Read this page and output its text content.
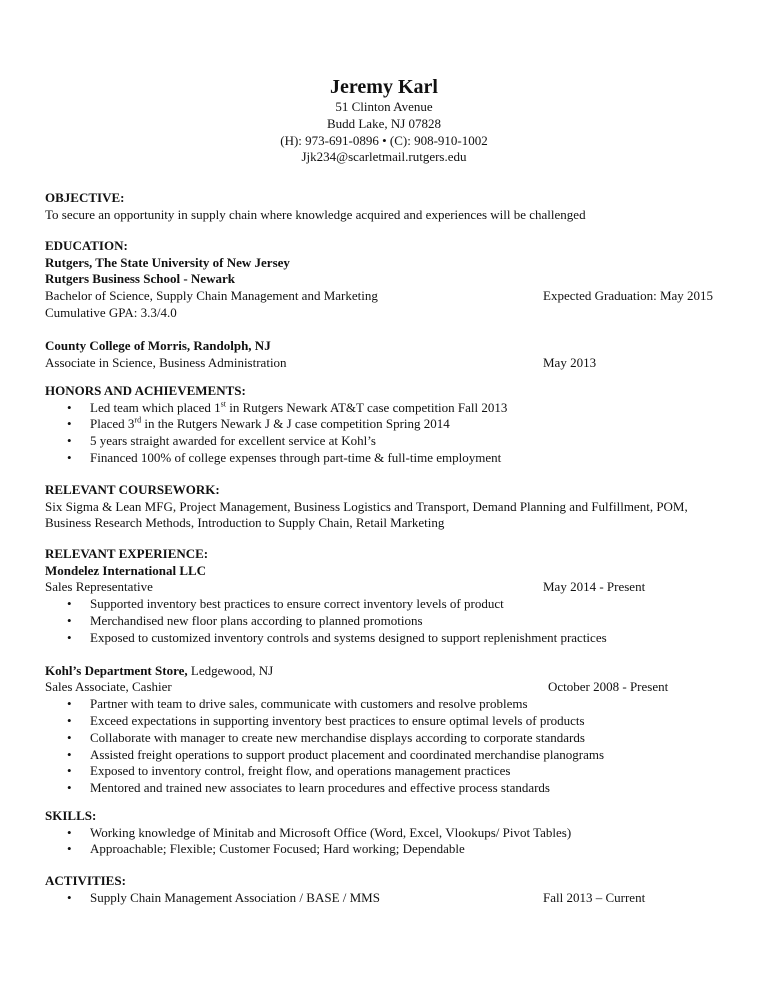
Jeremy Karl
51 Clinton Avenue
Budd Lake, NJ 07828
(H): 973-691-0896 • (C): 908-910-1002
Jjk234@scarletmail.rutgers.edu
OBJECTIVE:
To secure an opportunity in supply chain where knowledge acquired and experiences will be challenged
EDUCATION:
Rutgers, The State University of New Jersey
Rutgers Business School - Newark
Bachelor of Science, Supply Chain Management and Marketing	Expected Graduation: May 2015
Cumulative GPA: 3.3/4.0
County College of Morris, Randolph, NJ
Associate in Science, Business Administration	May 2013
HONORS AND ACHIEVEMENTS:
• Led team which placed 1st in Rutgers Newark AT&T case competition Fall 2013
• Placed 3rd in the Rutgers Newark J & J case competition Spring 2014
• 5 years straight awarded for excellent service at Kohl’s
• Financed 100% of college expenses through part-time & full-time employment
RELEVANT COURSEWORK:
Six Sigma & Lean MFG, Project Management, Business Logistics and Transport, Demand Planning and Fulfillment, POM,
Business Research Methods, Introduction to Supply Chain, Retail Marketing
RELEVANT EXPERIENCE:
Mondelez International LLC
Sales Representative	May 2014 - Present
• Supported inventory best practices to ensure correct inventory levels of product
• Merchandised new floor plans according to planned promotions
• Exposed to customized inventory controls and systems designed to support replenishment practices
Kohl’s Department Store, Ledgewood, NJ
Sales Associate, Cashier	October 2008 - Present
• Partner with team to drive sales, communicate with customers and resolve problems
• Exceed expectations in supporting inventory best practices to ensure optimal levels of products
• Collaborate with manager to create new merchandise displays according to corporate standards
• Assisted freight operations to support product placement and coordinated merchandise planograms
• Exposed to inventory control, freight flow, and operations management practices
• Mentored and trained new associates to learn procedures and effective process standards
SKILLS:
• Working knowledge of Minitab and Microsoft Office (Word, Excel, Vlookups/ Pivot Tables)
• Approachable; Flexible; Customer Focused; Hard working; Dependable
ACTIVITIES:
• Supply Chain Management Association / BASE / MMS	Fall 2013 – Current
